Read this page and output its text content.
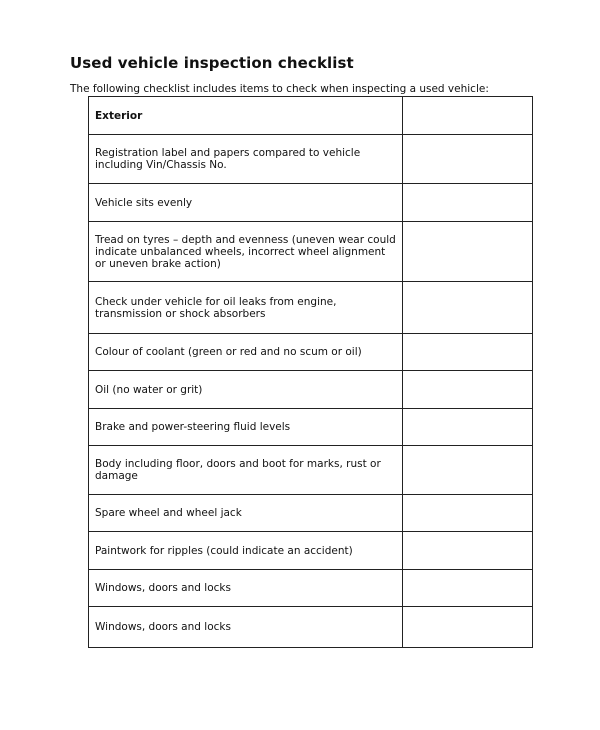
Used vehicle inspection checklist
The following checklist includes items to check when inspecting a used vehicle:
Exterior	
Registration label and papers compared to vehicle including Vin/Chassis No.	
Vehicle sits evenly	
Tread on tyres – depth and evenness (uneven wear could indicate unbalanced wheels, incorrect wheel alignment or uneven brake action)	
Check under vehicle for oil leaks from engine, transmission or shock absorbers	
Colour of coolant (green or red and no scum or oil)	
Oil (no water or grit)	
Brake and power-steering fluid levels	
Body including floor, doors and boot for marks, rust or damage	
Spare wheel and wheel jack	
Paintwork for ripples (could indicate an accident)	
Windows, doors and locks	
Windows, doors and locks	
